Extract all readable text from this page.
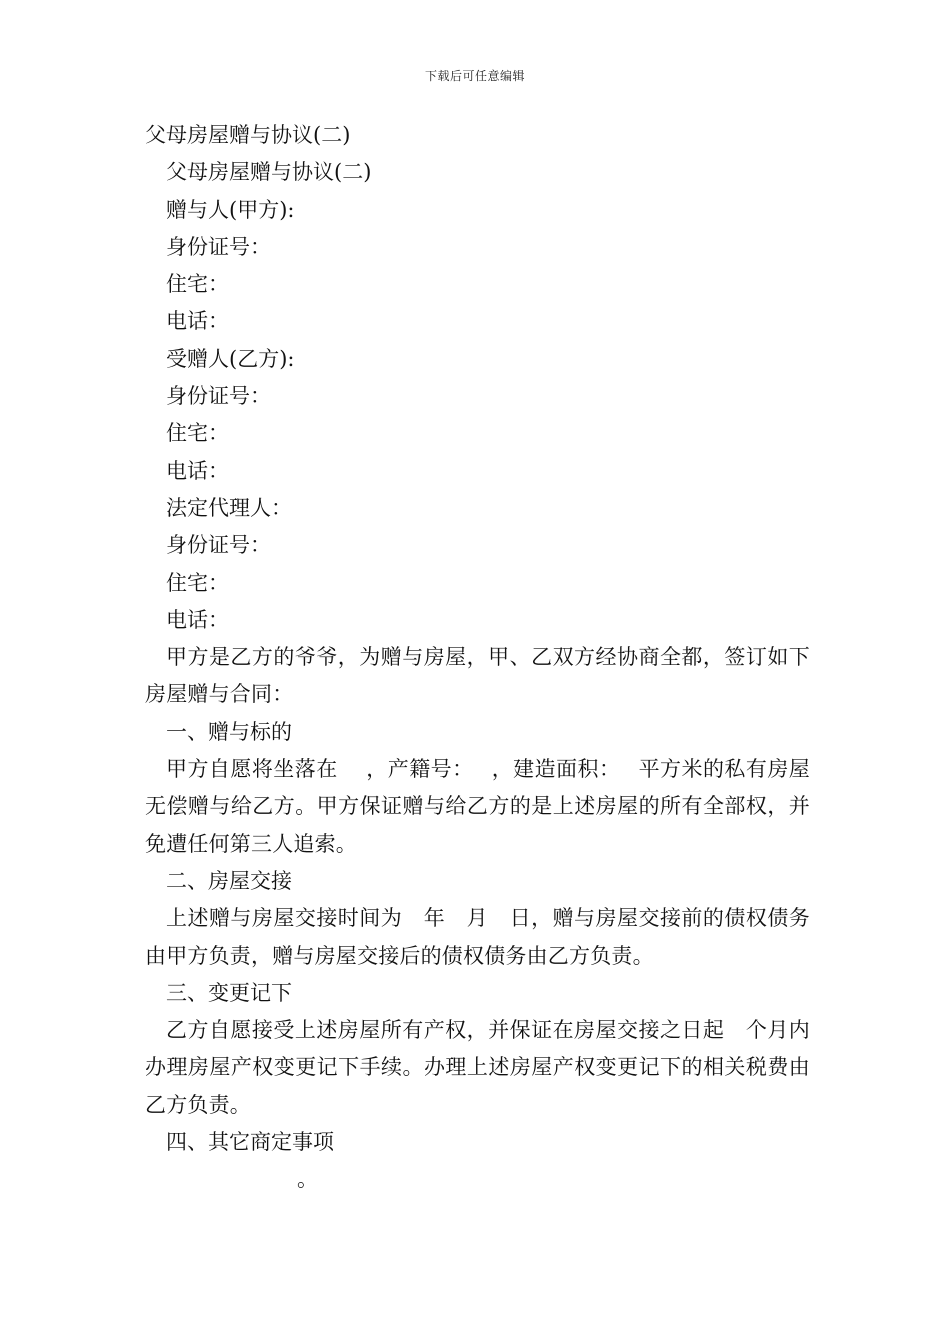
下载后可任意编辑

父母房屋赠与协议(二)

父母房屋赠与协议(二)

赠与人(甲方):

身份证号：

住宅：

电话：

受赠人(乙方):

身份证号：

住宅：

电话：

法定代理人：

身份证号：

住宅：

电话：

甲方是乙方的爷爷，为赠与房屋，甲、乙双方经协商全都，签订如下房屋赠与合同：

一、赠与标的

甲方自愿将坐落在　 ，产籍号：　 ，建造面积：　 平方米的私有房屋无偿赠与给乙方。甲方保证赠与给乙方的是上述房屋的所有全部权，并免遭任何第三人追索。

二、房屋交接

上述赠与房屋交接时间为　年　月　日，赠与房屋交接前的债权债务由甲方负责，赠与房屋交接后的债权债务由乙方负责。

三、变更记下

乙方自愿接受上述房屋所有产权，并保证在房屋交接之日起　个月内办理房屋产权变更记下手续。办理上述房屋产权变更记下的相关税费由乙方负责。

四、其它商定事项

。
